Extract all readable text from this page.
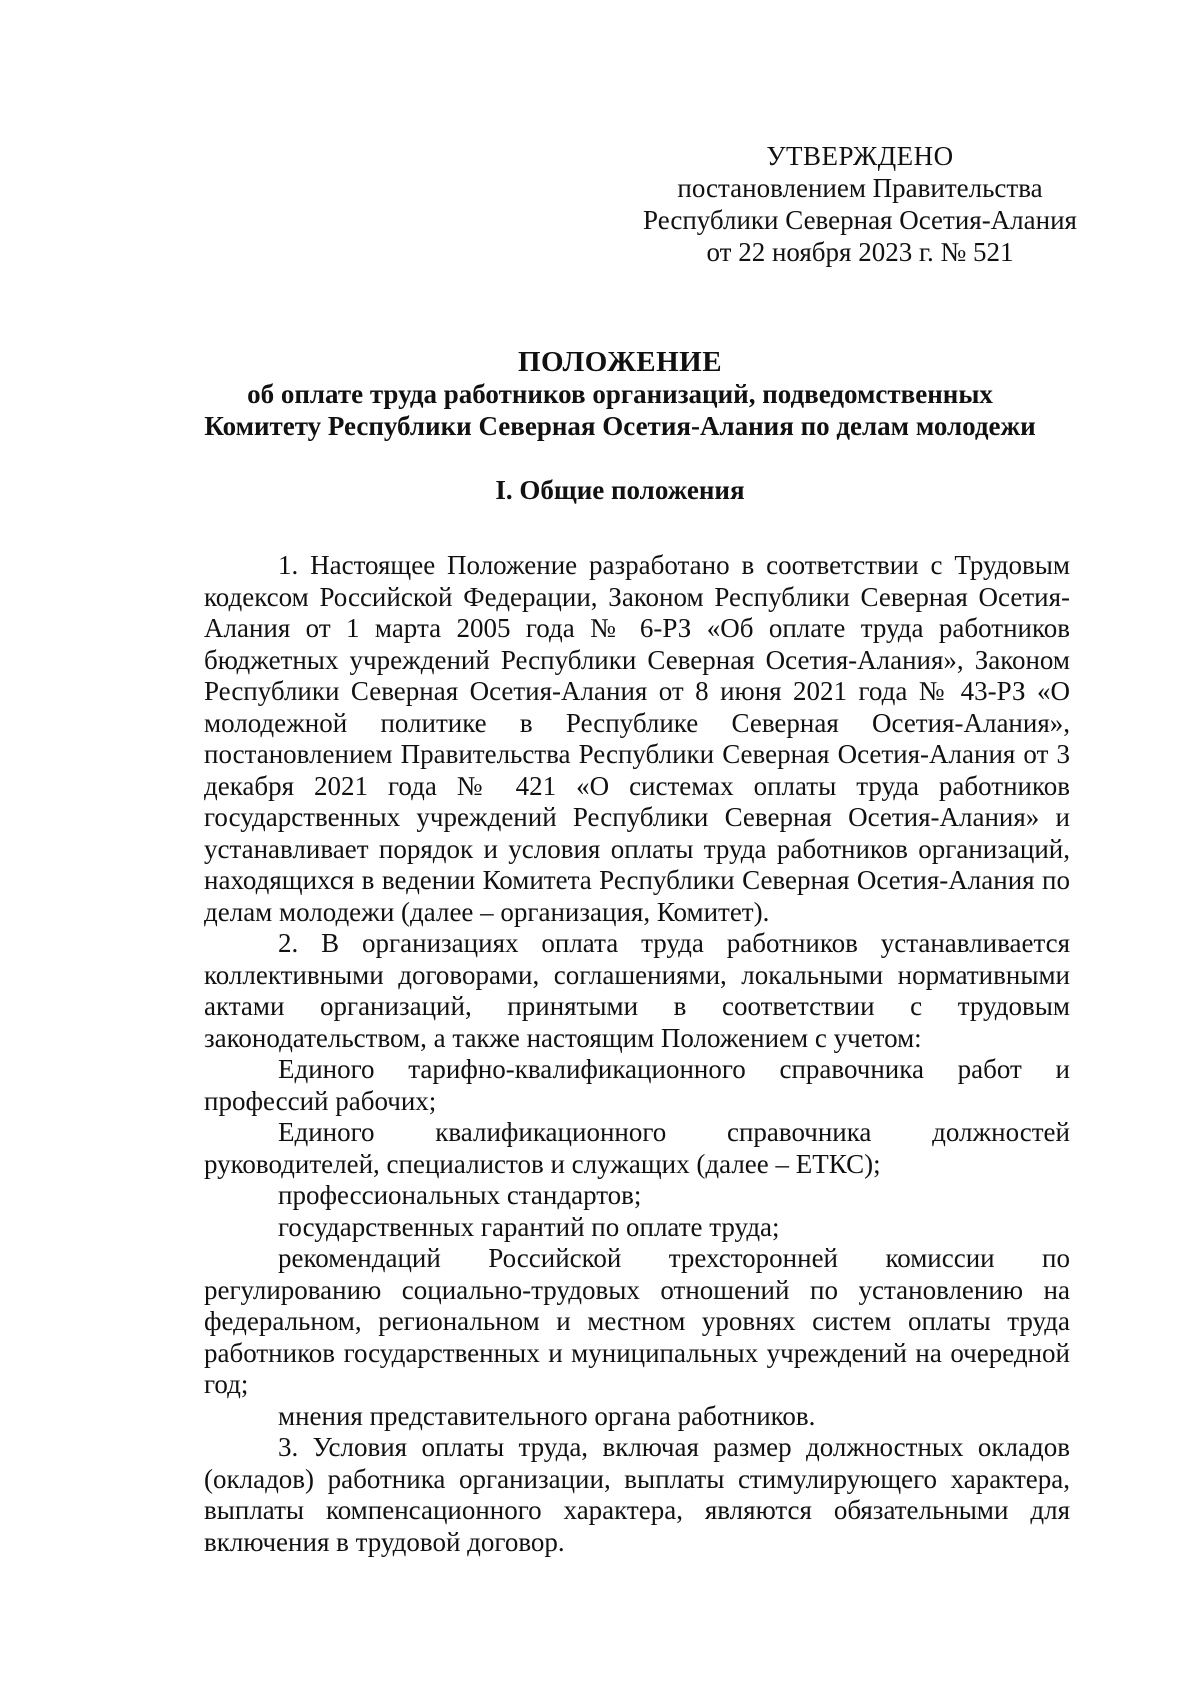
УТВЕРЖДЕНО
постановлением Правительства
Республики Северная Осетия-Алания
от 22 ноября 2023 г. № 521
ПОЛОЖЕНИЕ
об оплате труда работников организаций, подведомственных
Комитету Республики Северная Осетия-Алания по делам молодежи
I. Общие положения

1. Настоящее Положение разработано в соответствии с Трудовым кодексом Российской Федерации, Законом Республики Северная Осетия-Алания от 1 марта 2005 года № 6-РЗ «Об оплате труда работников бюджетных учреждений Республики Северная Осетия-Алания», Законом Республики Северная Осетия-Алания от 8 июня 2021 года № 43-РЗ «О молодежной политике в Республике Северная Осетия-Алания», постановлением Правительства Республики Северная Осетия-Алания от 3 декабря 2021 года № 421 «О системах оплаты труда работников государственных учреждений Республики Северная Осетия-Алания» и устанавливает порядок и условия оплаты труда работников организаций, находящихся в ведении Комитета Республики Северная Осетия-Алания по делам молодежи (далее – организация, Комитет).

2. В организациях оплата труда работников устанавливается коллективными договорами, соглашениями, локальными нормативными актами организаций, принятыми в соответствии с трудовым законодательством, а также настоящим Положением с учетом:

Единого тарифно-квалификационного справочника работ и профессий рабочих;

Единого квалификационного справочника должностей руководителей, специалистов и служащих (далее – ЕТКС);

профессиональных стандартов;

государственных гарантий по оплате труда;

рекомендаций Российской трехсторонней комиссии по регулированию социально-трудовых отношений по установлению на федеральном, региональном и местном уровнях систем оплаты труда работников государственных и муниципальных учреждений на очередной год;

мнения представительного органа работников.

3. Условия оплаты труда, включая размер должностных окладов (окладов) работника организации, выплаты стимулирующего характера, выплаты компенсационного характера, являются обязательными для включения в трудовой договор.
